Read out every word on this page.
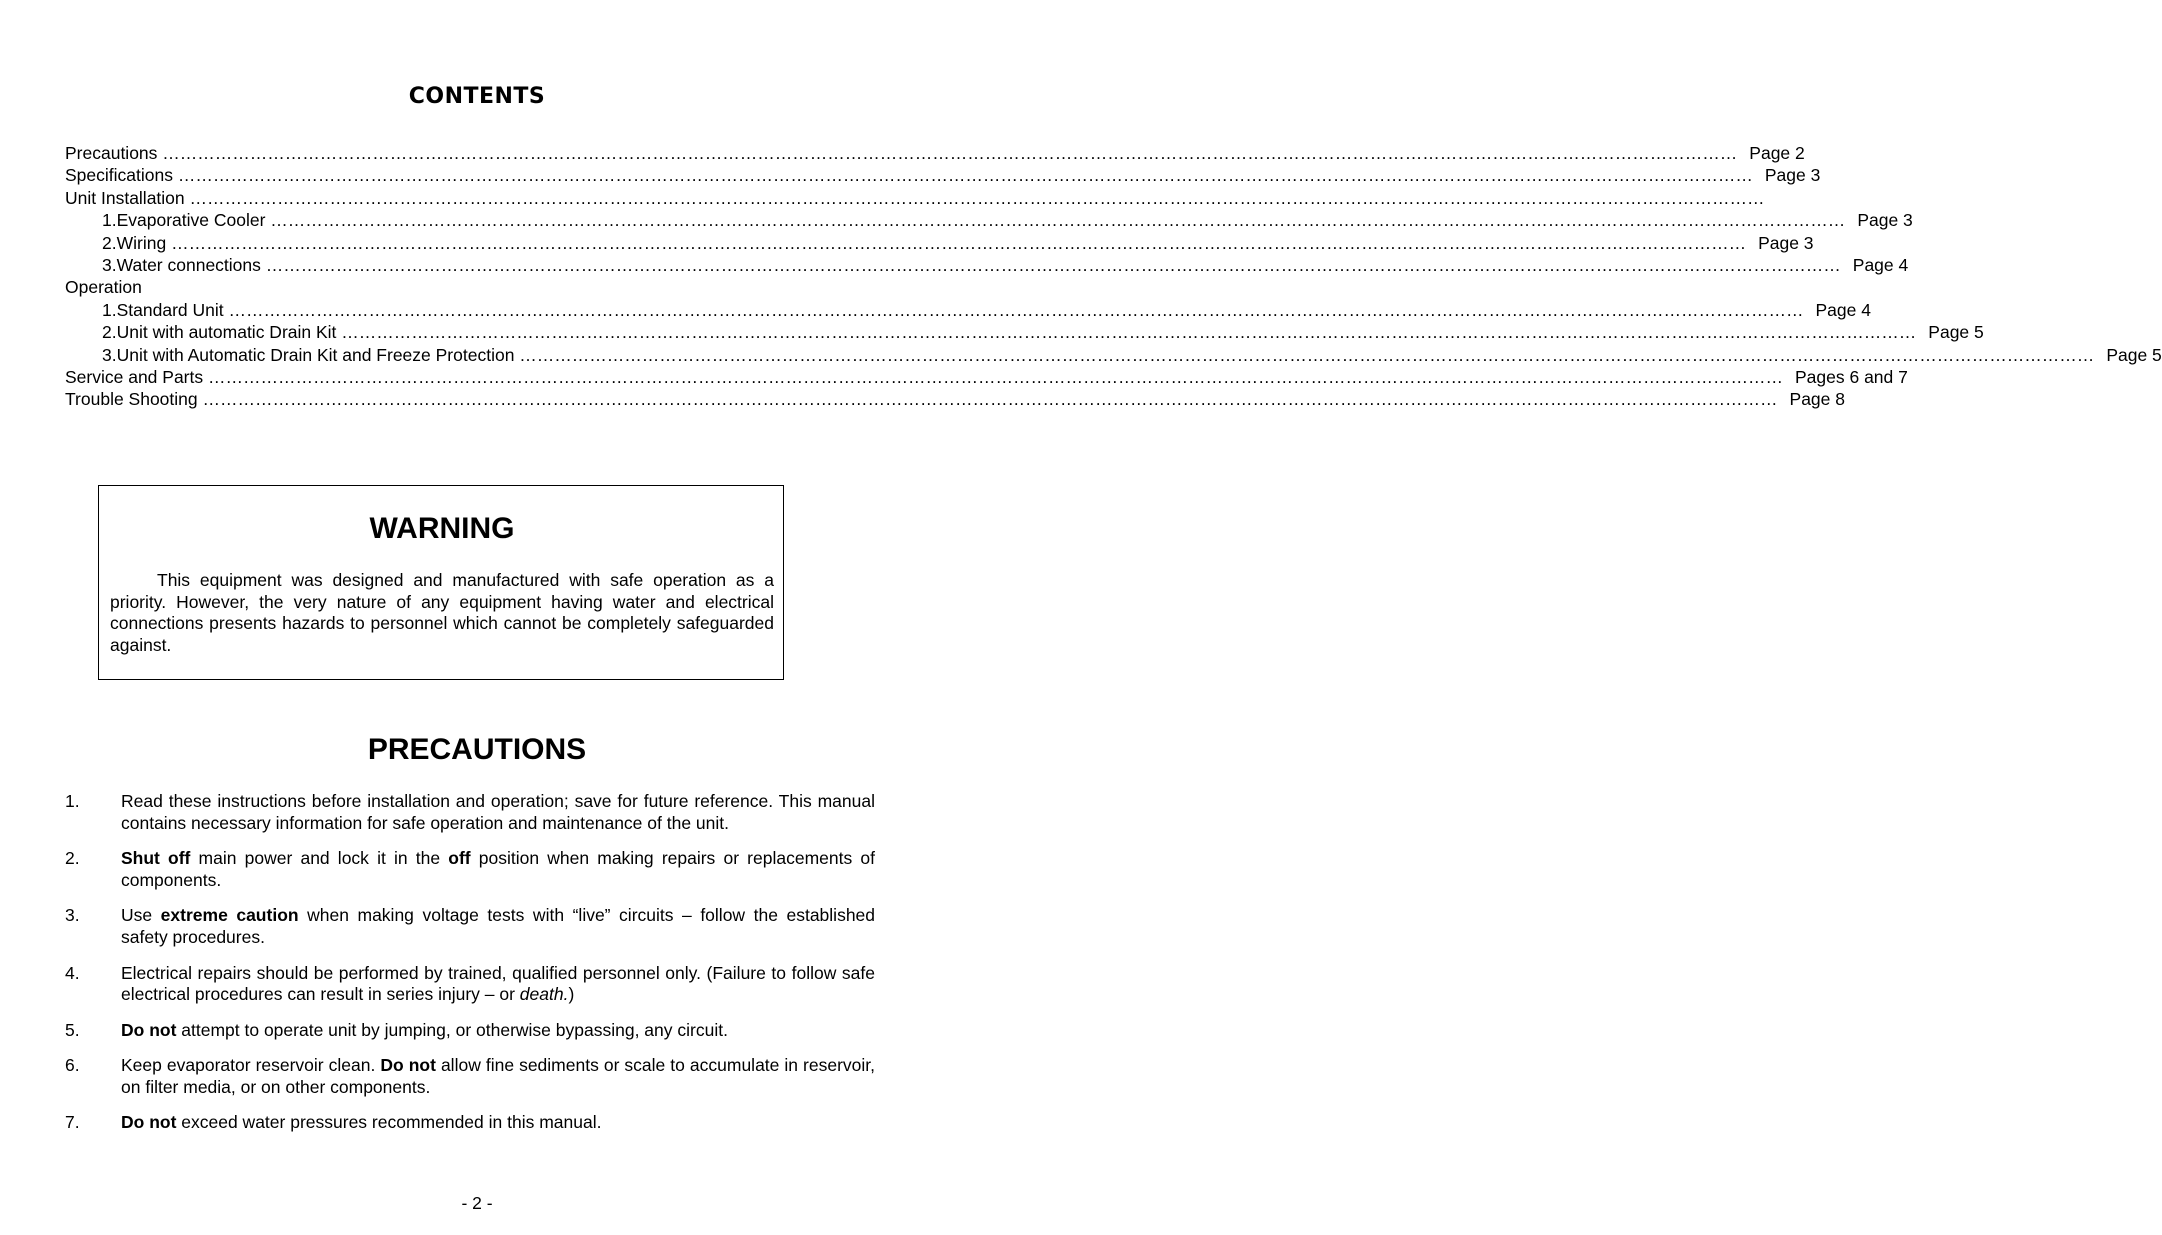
CONTENTS
Precautions ……………………………………………………………………………………………………………………………………………………………………………………………………………………………………………… Page 2
Specifications ……………………………………………………………………………………………………………………………………………………………………………………………………………………………………………… Page 3
Unit Installation ………………………………………………………………………………………………………………………………………………………………………………………………………………………………………………
1. Evaporative Cooler ……………………………………………………………………………………………………………………………………………………………………………………………………………………………………………… Page 3
2. Wiring ……………………………………………………………………………………………………………………………………………………………………………………………………………………………………………… Page 3
3. Water connections ……………………………………………………………………………………………………………………………………………………………………………………………………………………………………………… Page 4
Operation
1. Standard Unit ……………………………………………………………………………………………………………………………………………………………………………………………………………………………………………… Page 4
2. Unit with automatic Drain Kit ……………………………………………………………………………………………………………………………………………………………………………………………………………………………………………… Page 5
3. Unit with Automatic Drain Kit and Freeze Protection ……………………………………………………………………………………………………………………………………………………………………………………………………………………………………………… Page 5
Service and Parts ……………………………………………………………………………………………………………………………………………………………………………………………………………………………………………… Pages 6 and 7
Trouble Shooting ……………………………………………………………………………………………………………………………………………………………………………………………………………………………………………… Page 8
WARNING

This equipment was designed and manufactured with safe operation as a priority. However, the very nature of any equipment having water and electrical connections presents hazards to personnel which cannot be completely safeguarded against.

PRECAUTIONS
1.	Read these instructions before installation and operation; save for future reference. This manual contains necessary information for safe operation and maintenance of the unit.

2.	Shut off main power and lock it in the off position when making repairs or replacements of components.

3.	Use extreme caution when making voltage tests with “live” circuits – follow the established safety procedures.

4.	Electrical repairs should be performed by trained, qualified personnel only. (Failure to follow safe electrical procedures can result in series injury – or death.)

5.	Do not attempt to operate unit by jumping, or otherwise bypassing, any circuit.

6.	Keep evaporator reservoir clean. Do not allow fine sediments or scale to accumulate in reservoir, on filter media, or on other components.

7.	Do not exceed water pressures recommended in this manual.

- 2 -
